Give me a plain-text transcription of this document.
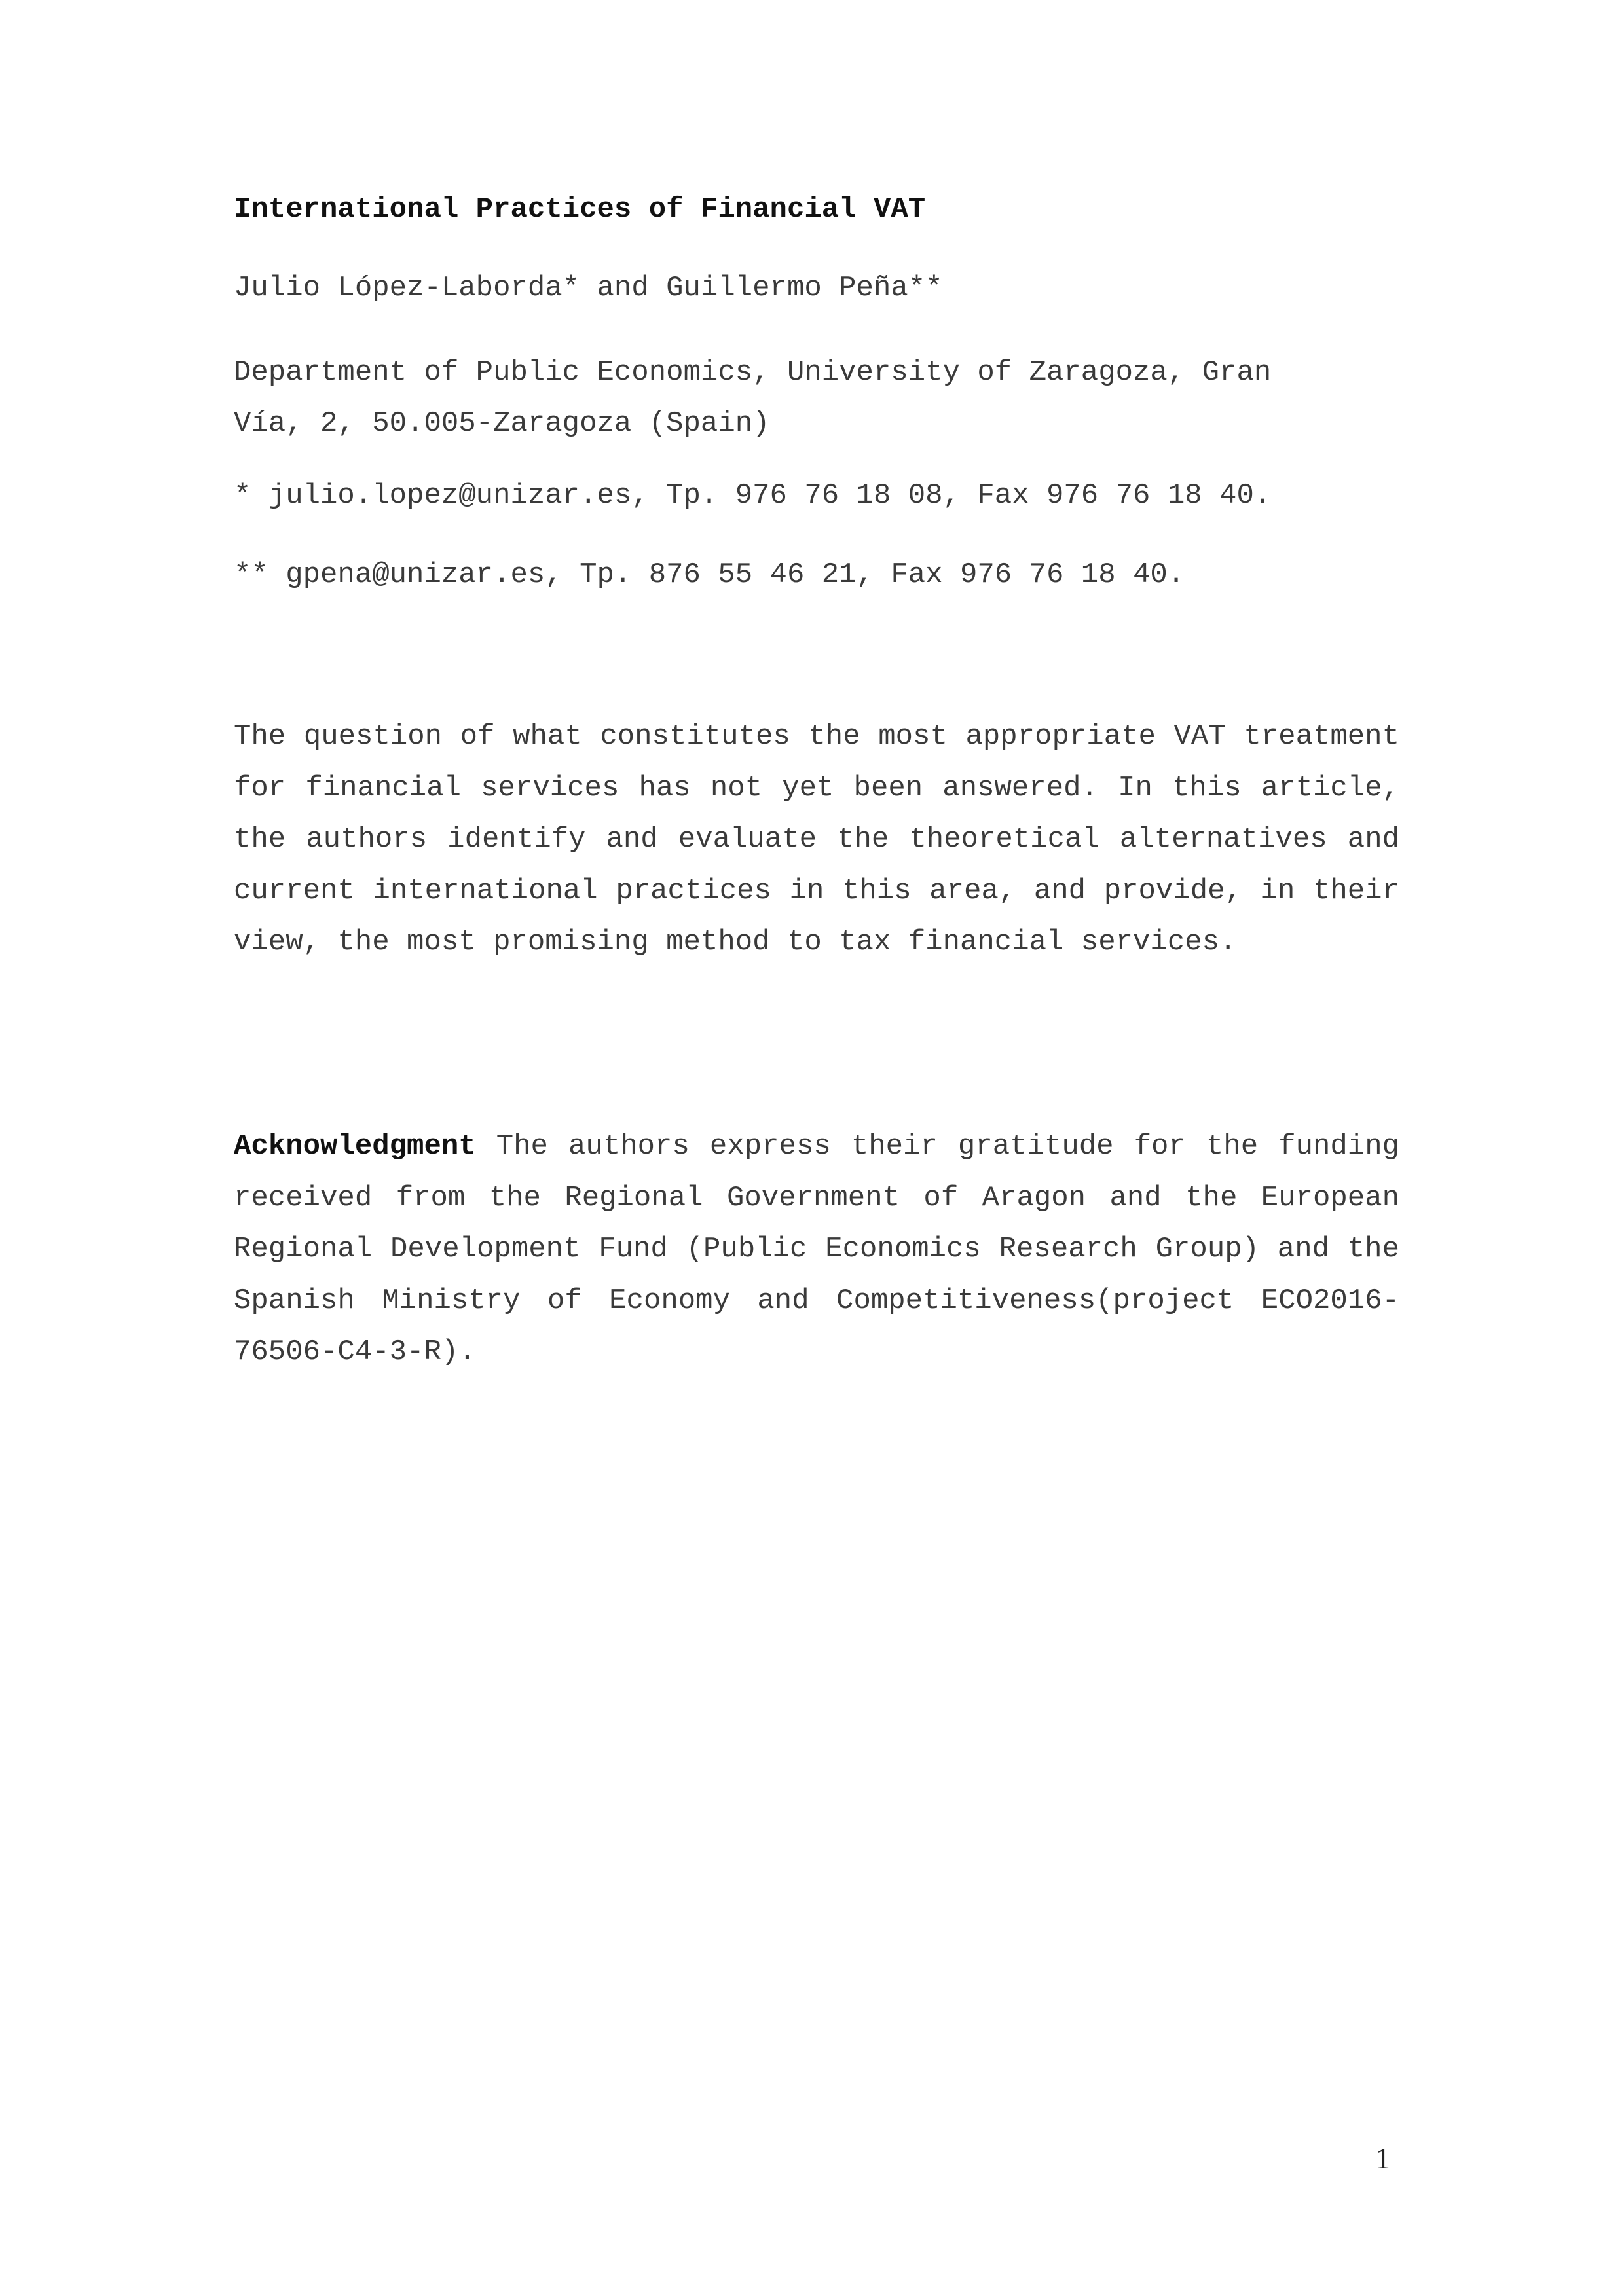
International Practices of Financial VAT

Julio López-Laborda* and Guillermo Peña**

Department of Public Economics, University of Zaragoza, Gran Vía, 2, 50.005-Zaragoza (Spain)

* julio.lopez@unizar.es, Tp. 976 76 18 08, Fax 976 76 18 40.

** gpena@unizar.es, Tp. 876 55 46 21, Fax 976 76 18 40.

The question of what constitutes the most appropriate VAT treatment for financial services has not yet been answered. In this article, the authors identify and evaluate the theoretical alternatives and current international practices in this area, and provide, in their view, the most promising method to tax financial services.

Acknowledgment The authors express their gratitude for the funding received from the Regional Government of Aragon and the European Regional Development Fund (Public Economics Research Group) and the Spanish Ministry of Economy and Competitiveness(project ECO2016-76506-C4-3-R).

1
